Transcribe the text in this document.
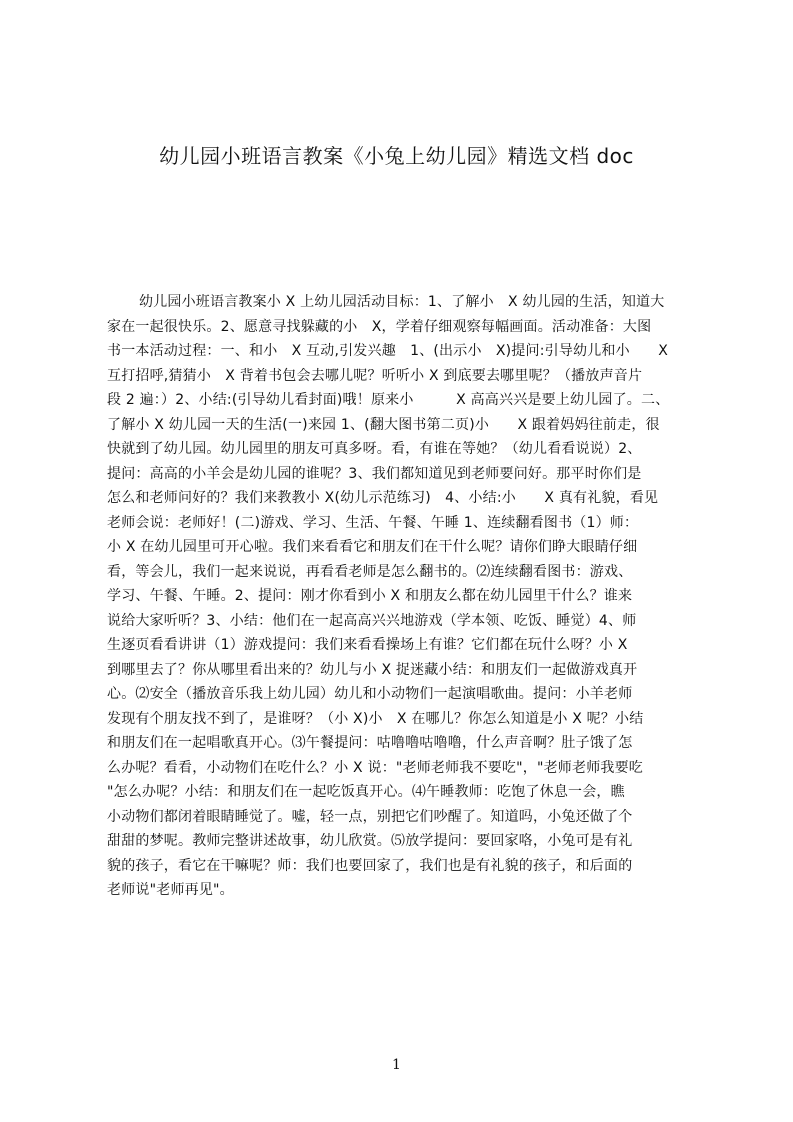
幼儿园小班语言教案《小兔上幼儿园》精选文档 doc
幼儿园小班语言教案小 X 上幼儿园活动目标：1、了解小　X 幼儿园的生活，知道大
家在一起很快乐。2、愿意寻找躲藏的小　X，学着仔细观察每幅画面。活动准备：大图
书一本活动过程：一、和小　X 互动,引发兴趣　1、(出示小　X)提问:引导幼儿和小　　X
互打招呼,猜猜小　X 背着书包会去哪儿呢？听听小 X 到底要去哪里呢？（播放声音片
段 2 遍：）2、小结:(引导幼儿看封面)哦！原来小　　　X 高高兴兴是要上幼儿园了。二、
了解小 X 幼儿园一天的生活(一)来园 1、(翻大图书第二页)小　　X 跟着妈妈往前走，很
快就到了幼儿园。幼儿园里的朋友可真多呀。看，有谁在等她？（幼儿看看说说）2、
提问：高高的小羊会是幼儿园的谁呢？3、我们都知道见到老师要问好。那平时你们是
怎么和老师问好的？我们来教教小 X(幼儿示范练习)　4、小结:小　　X 真有礼貌，看见
老师会说：老师好！(二)游戏、学习、生活、午餐、午睡 1、连续翻看图书（1）师：
小 X 在幼儿园里可开心啦。我们来看看它和朋友们在干什么呢？请你们睁大眼睛仔细
看，等会儿，我们一起来说说，再看看老师是怎么翻书的。⑵连续翻看图书：游戏、
学习、午餐、午睡。2、提问：刚才你看到小 X 和朋友么都在幼儿园里干什么？谁来
说给大家听听？3、小结：他们在一起高高兴兴地游戏（学本领、吃饭、睡觉）4、师
生逐页看看讲讲（1）游戏提问：我们来看看操场上有谁？它们都在玩什么呀？小 X
到哪里去了？你从哪里看出来的？幼儿与小 X 捉迷藏小结：和朋友们一起做游戏真开
心。⑵安全（播放音乐我上幼儿园）幼儿和小动物们一起演唱歌曲。提问：小羊老师
发现有个朋友找不到了，是谁呀？（小 X)小　X 在哪儿？你怎么知道是小 X 呢？小结
和朋友们在一起唱歌真开心。⑶午餐提问：咕噜噜咕噜噜，什么声音啊？肚子饿了怎
么办呢？看看，小动物们在吃什么？小 X 说："老师老师我不要吃"，"老师老师我要吃
"怎么办呢？小结：和朋友们在一起吃饭真开心。⑷午睡教师：吃饱了休息一会，瞧
小动物们都闭着眼睛睡觉了。嘘，轻一点，别把它们吵醒了。知道吗，小兔还做了个
甜甜的梦呢。教师完整讲述故事，幼儿欣赏。⑸放学提问：要回家咯，小兔可是有礼
貌的孩子，看它在干嘛呢？师：我们也要回家了，我们也是有礼貌的孩子，和后面的
老师说"老师再见"。
1
